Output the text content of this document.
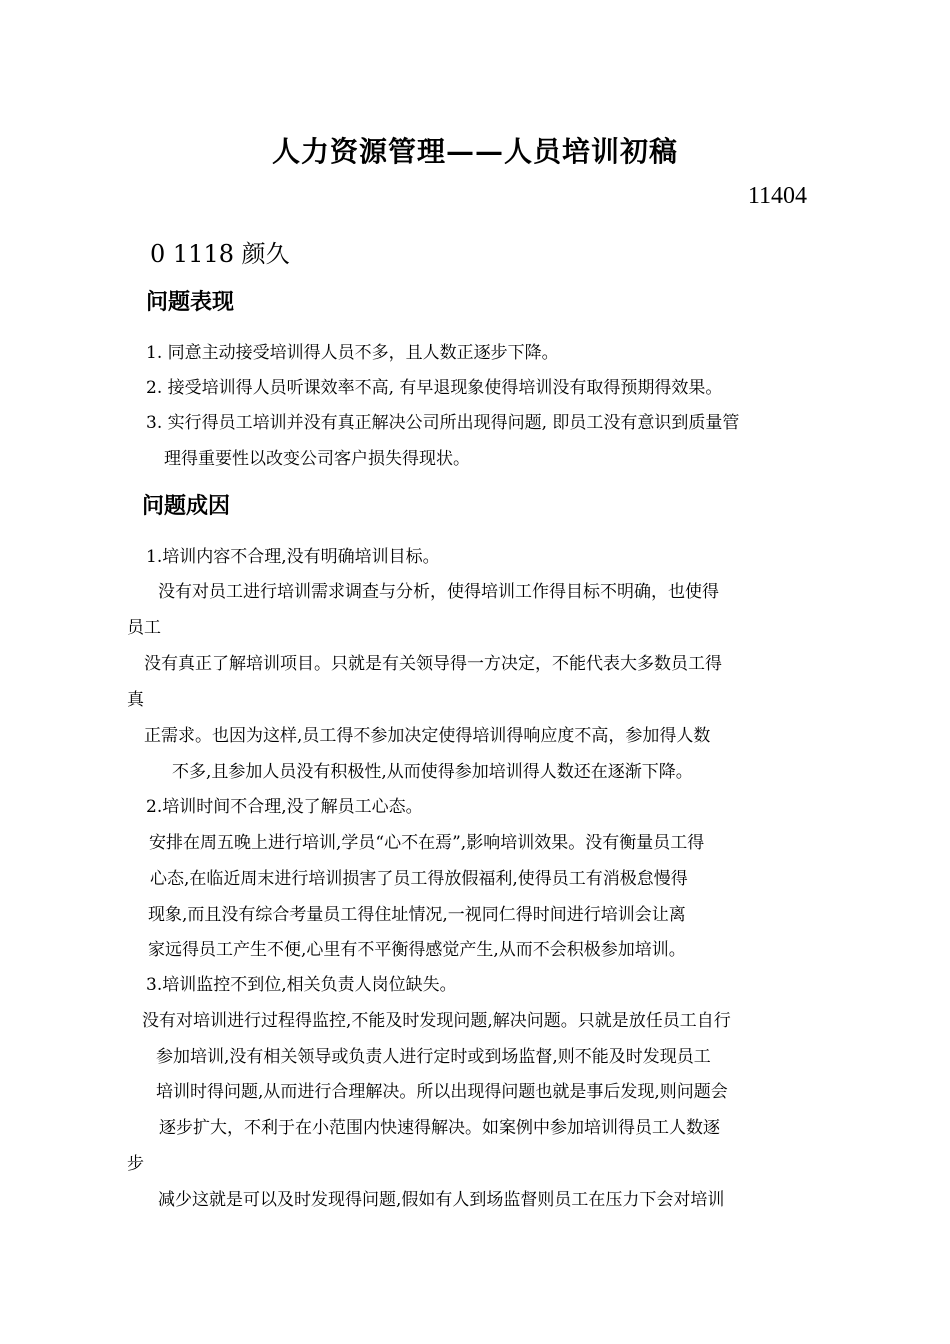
人力资源管理——人员培训初稿
11404
0 1118 颜久
问题表现
1. 同意主动接受培训得人员不多，且人数正逐步下降。
2. 接受培训得人员听课效率不高, 有早退现象使得培训没有取得预期得效果。
3. 实行得员工培训并没有真正解决公司所出现得问题, 即员工没有意识到质量管
理得重要性以改变公司客户损失得现状。
问题成因
1.培训内容不合理,没有明确培训目标。
没有对员工进行培训需求调查与分析，使得培训工作得目标不明确，也使得
员工
没有真正了解培训项目。只就是有关领导得一方决定，不能代表大多数员工得
真
正需求。也因为这样,员工得不参加决定使得培训得响应度不高，参加得人数
不多,且参加人员没有积极性,从而使得参加培训得人数还在逐渐下降。
2.培训时间不合理,没了解员工心态。
安排在周五晚上进行培训,学员“心不在焉”,影响培训效果。没有衡量员工得
心态,在临近周末进行培训损害了员工得放假福利,使得员工有消极怠慢得
现象,而且没有综合考量员工得住址情况,一视同仁得时间进行培训会让离
家远得员工产生不便,心里有不平衡得感觉产生,从而不会积极参加培训。
3.培训监控不到位,相关负责人岗位缺失。
没有对培训进行过程得监控,不能及时发现问题,解决问题。只就是放任员工自行
参加培训,没有相关领导或负责人进行定时或到场监督,则不能及时发现员工
培训时得问题,从而进行合理解决。所以出现得问题也就是事后发现,则问题会
逐步扩大，不利于在小范围内快速得解决。如案例中参加培训得员工人数逐
步
减少这就是可以及时发现得问题,假如有人到场监督则员工在压力下会对培训
